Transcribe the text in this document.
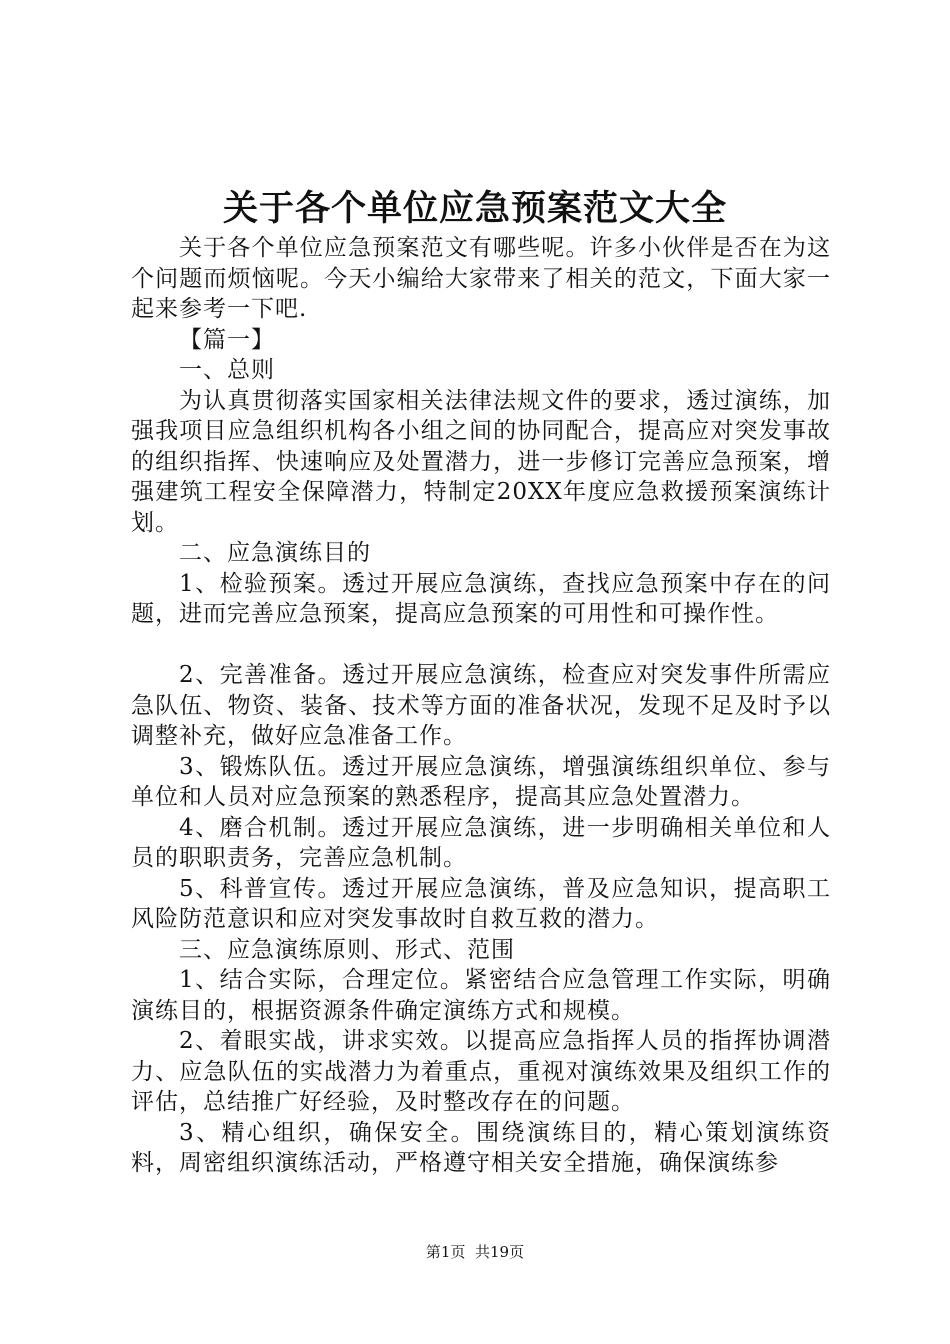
关于各个单位应急预案范文大全

关于各个单位应急预案范文有哪些呢。许多小伙伴是否在为这个问题而烦恼呢。今天小编给大家带来了相关的范文，下面大家一起来参考一下吧.

【篇一】

一、总则

为认真贯彻落实国家相关法律法规文件的要求，透过演练，加强我项目应急组织机构各小组之间的协同配合，提高应对突发事故的组织指挥、快速响应及处置潜力，进一步修订完善应急预案，增强建筑工程安全保障潜力，特制定20XX年度应急救援预案演练计划。

二、应急演练目的

1、检验预案。透过开展应急演练，查找应急预案中存在的问题，进而完善应急预案，提高应急预案的可用性和可操作性。

2、完善准备。透过开展应急演练，检查应对突发事件所需应急队伍、物资、装备、技术等方面的准备状况，发现不足及时予以调整补充，做好应急准备工作。

3、锻炼队伍。透过开展应急演练，增强演练组织单位、参与单位和人员对应急预案的熟悉程序，提高其应急处置潜力。

4、磨合机制。透过开展应急演练，进一步明确相关单位和人员的职职责务，完善应急机制。

5、科普宣传。透过开展应急演练，普及应急知识，提高职工风险防范意识和应对突发事故时自救互救的潜力。

三、应急演练原则、形式、范围

1、结合实际，合理定位。紧密结合应急管理工作实际，明确演练目的，根据资源条件确定演练方式和规模。

2、着眼实战，讲求实效。以提高应急指挥人员的指挥协调潜力、应急队伍的实战潜力为着重点，重视对演练效果及组织工作的评估，总结推广好经验，及时整改存在的问题。

3、精心组织，确保安全。围绕演练目的，精心策划演练资料，周密组织演练活动，严格遵守相关安全措施，确保演练参

第1页  共19页
